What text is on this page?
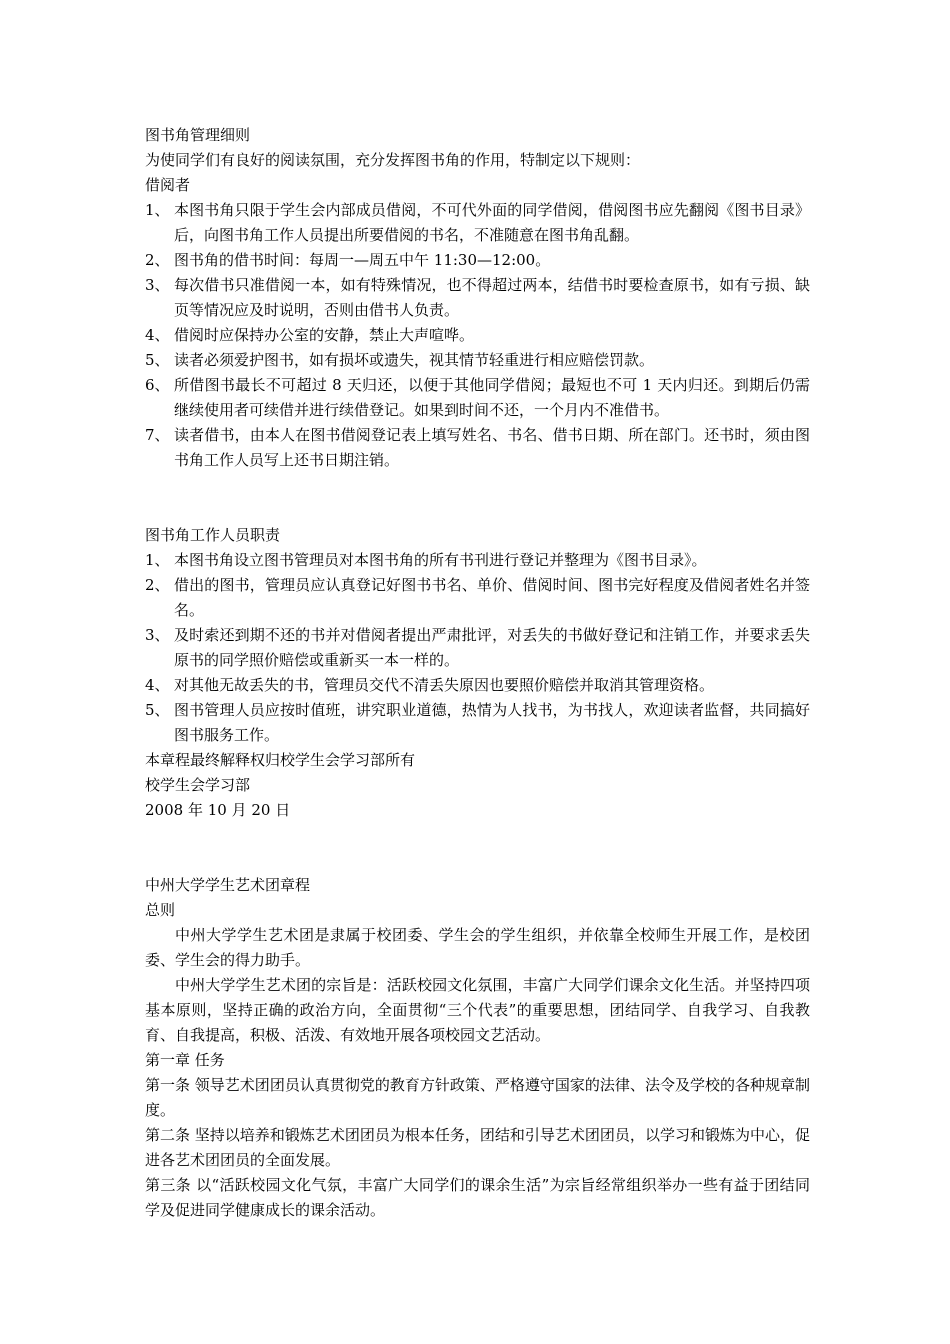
图书角管理细则

为使同学们有良好的阅读氛围，充分发挥图书角的作用，特制定以下规则：

借阅者

1、 本图书角只限于学生会内部成员借阅，不可代外面的同学借阅，借阅图书应先翻阅《图书目录》后，向图书角工作人员提出所要借阅的书名，不准随意在图书角乱翻。
2、 图书角的借书时间：每周一—周五中午 11:30—12:00。
3、 每次借书只准借阅一本，如有特殊情况，也不得超过两本，结借书时要检查原书，如有亏损、缺页等情况应及时说明，否则由借书人负责。
4、 借阅时应保持办公室的安静，禁止大声喧哗。
5、 读者必须爱护图书，如有损坏或遗失，视其情节轻重进行相应赔偿罚款。
6、 所借图书最长不可超过 8 天归还，以便于其他同学借阅；最短也不可 1 天内归还。到期后仍需继续使用者可续借并进行续借登记。如果到时间不还，一个月内不准借书。
7、 读者借书，由本人在图书借阅登记表上填写姓名、书名、借书日期、所在部门。还书时，须由图书角工作人员写上还书日期注销。

图书角工作人员职责

1、 本图书角设立图书管理员对本图书角的所有书刊进行登记并整理为《图书目录》。
2、 借出的图书，管理员应认真登记好图书书名、单价、借阅时间、图书完好程度及借阅者姓名并签名。
3、 及时索还到期不还的书并对借阅者提出严肃批评，对丢失的书做好登记和注销工作，并要求丢失原书的同学照价赔偿或重新买一本一样的。
4、 对其他无故丢失的书，管理员交代不清丢失原因也要照价赔偿并取消其管理资格。
5、 图书管理人员应按时值班，讲究职业道德，热情为人找书，为书找人，欢迎读者监督，共同搞好图书服务工作。

本章程最终解释权归校学生会学习部所有

校学生会学习部

2008 年 10 月 20 日

中州大学学生艺术团章程

总则

中州大学学生艺术团是隶属于校团委、学生会的学生组织，并依靠全校师生开展工作，是校团委、学生会的得力助手。

中州大学学生艺术团的宗旨是：活跃校园文化氛围，丰富广大同学们课余文化生活。并坚持四项基本原则，坚持正确的政治方向，全面贯彻“三个代表”的重要思想，团结同学、自我学习、自我教育、自我提高，积极、活泼、有效地开展各项校园文艺活动。

第一章 任务

第一条 领导艺术团团员认真贯彻党的教育方针政策、严格遵守国家的法律、法令及学校的各种规章制度。

第二条 坚持以培养和锻炼艺术团团员为根本任务，团结和引导艺术团团员，以学习和锻炼为中心，促进各艺术团团员的全面发展。

第三条 以“活跃校园文化气氛，丰富广大同学们的课余生活”为宗旨经常组织举办一些有益于团结同学及促进同学健康成长的课余活动。
